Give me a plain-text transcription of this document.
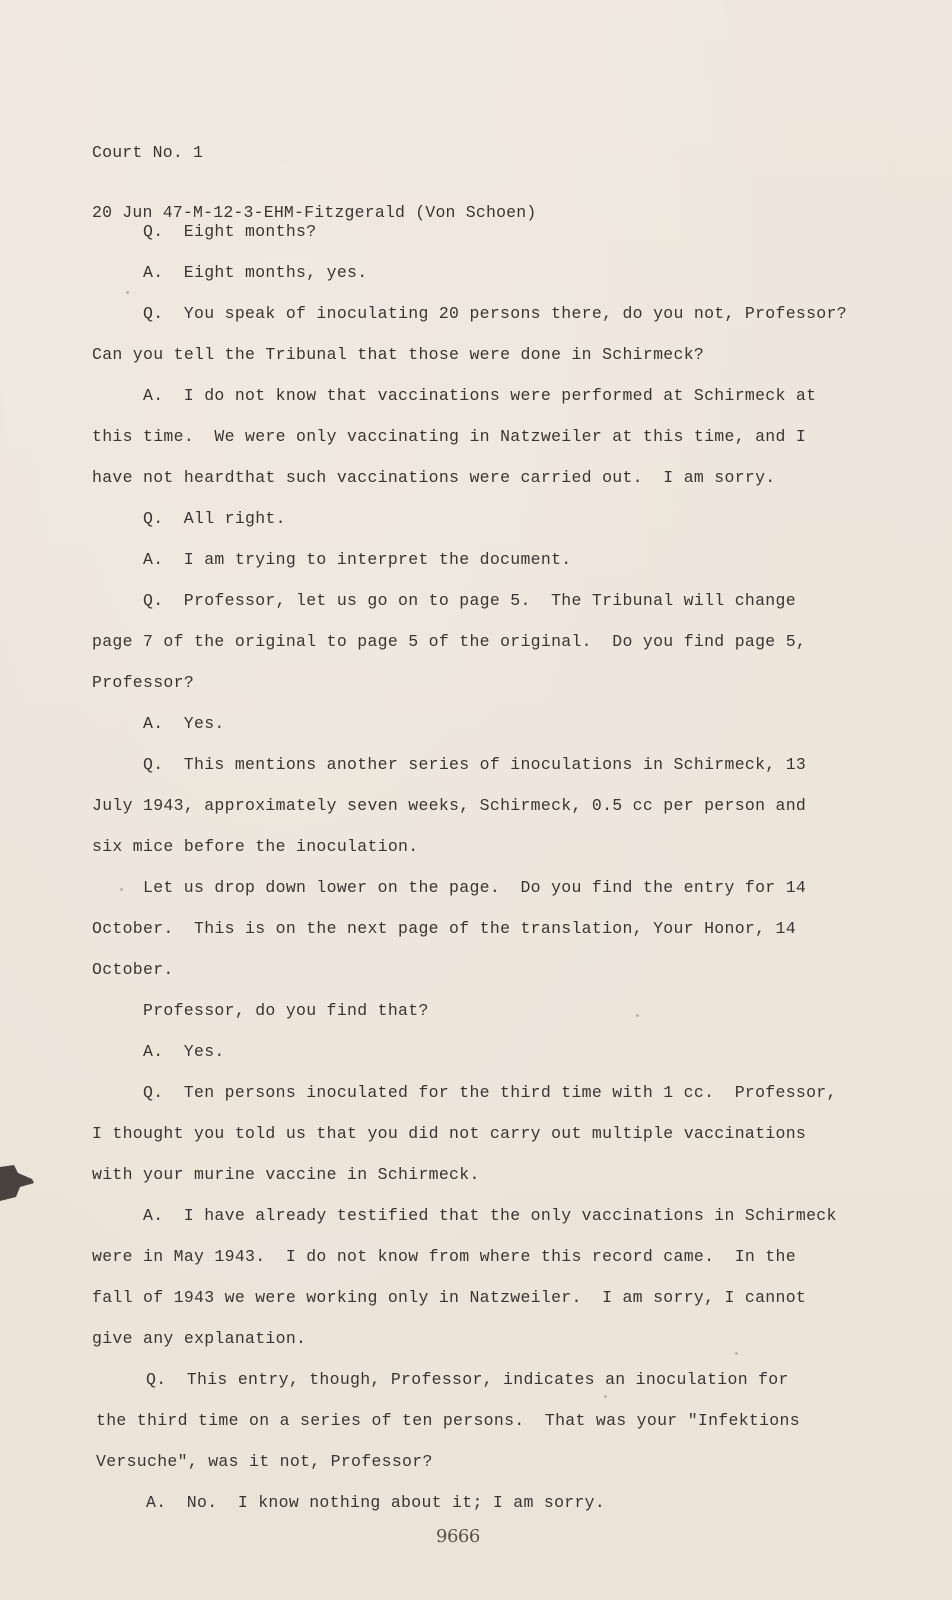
Court No. 1

20 Jun 47-M-12-3-EHM-Fitzgerald (Von Schoen)

Q.  Eight months?
A.  Eight months, yes.
Q.  You speak of inoculating 20 persons there, do you not, Professor?
Can you tell the Tribunal that those were done in Schirmeck?
A.  I do not know that vaccinations were performed at Schirmeck at
this time.  We were only vaccinating in Natzweiler at this time, and I
have not heardthat such vaccinations were carried out.  I am sorry.
Q.  All right.
A.  I am trying to interpret the document.
Q.  Professor, let us go on to page 5.  The Tribunal will change
page 7 of the original to page 5 of the original.  Do you find page 5,
Professor?
A.  Yes.
Q.  This mentions another series of inoculations in Schirmeck, 13
July 1943, approximately seven weeks, Schirmeck, 0.5 cc per person and
six mice before the inoculation.
Let us drop down lower on the page.  Do you find the entry for 14
October.  This is on the next page of the translation, Your Honor, 14
October.
Professor, do you find that?
A.  Yes.
Q.  Ten persons inoculated for the third time with 1 cc.  Professor,
I thought you told us that you did not carry out multiple vaccinations
with your murine vaccine in Schirmeck.
A.  I have already testified that the only vaccinations in Schirmeck
were in May 1943.  I do not know from where this record came.  In the
fall of 1943 we were working only in Natzweiler.  I am sorry, I cannot
give any explanation.
Q.  This entry, though, Professor, indicates an inoculation for
the third time on a series of ten persons.  That was your "Infektions
Versuche", was it not, Professor?
A.  No.  I know nothing about it; I am sorry.
9666
